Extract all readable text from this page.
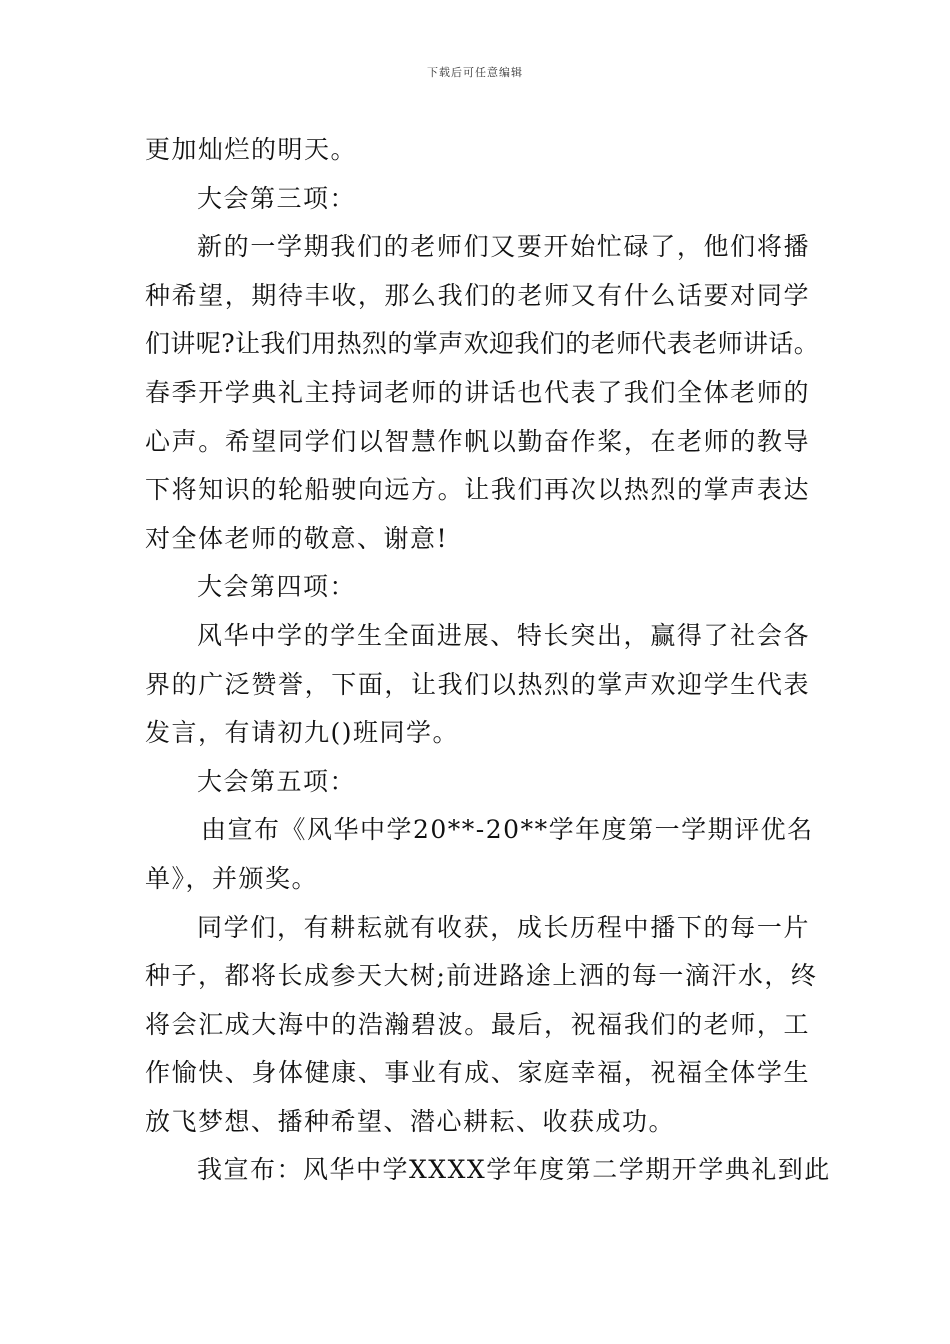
下载后可任意编辑

更加灿烂的明天。

大会第三项：

新的一学期我们的老师们又要开始忙碌了，他们将播

种希望，期待丰收，那么我们的老师又有什么话要对同学

们讲呢?让我们用热烈的掌声欢迎我们的老师代表老师讲话。

春季开学典礼主持词老师的讲话也代表了我们全体老师的

心声。希望同学们以智慧作帆以勤奋作桨，在老师的教导

下将知识的轮船驶向远方。让我们再次以热烈的掌声表达

对全体老师的敬意、谢意!

大会第四项：

风华中学的学生全面进展、特长突出，赢得了社会各

界的广泛赞誉，下面，让我们以热烈的掌声欢迎学生代表

发言，有请初九()班同学。

大会第五项：

由宣布《风华中学20**-20**学年度第一学期评优名

单》，并颁奖。

同学们，有耕耘就有收获，成长历程中播下的每一片

种子，都将长成参天大树;前进路途上洒的每一滴汗水，终

将会汇成大海中的浩瀚碧波。最后，祝福我们的老师，工

作愉快、身体健康、事业有成、家庭幸福，祝福全体学生

放飞梦想、播种希望、潜心耕耘、收获成功。

我宣布：风华中学XXXX学年度第二学期开学典礼到此
